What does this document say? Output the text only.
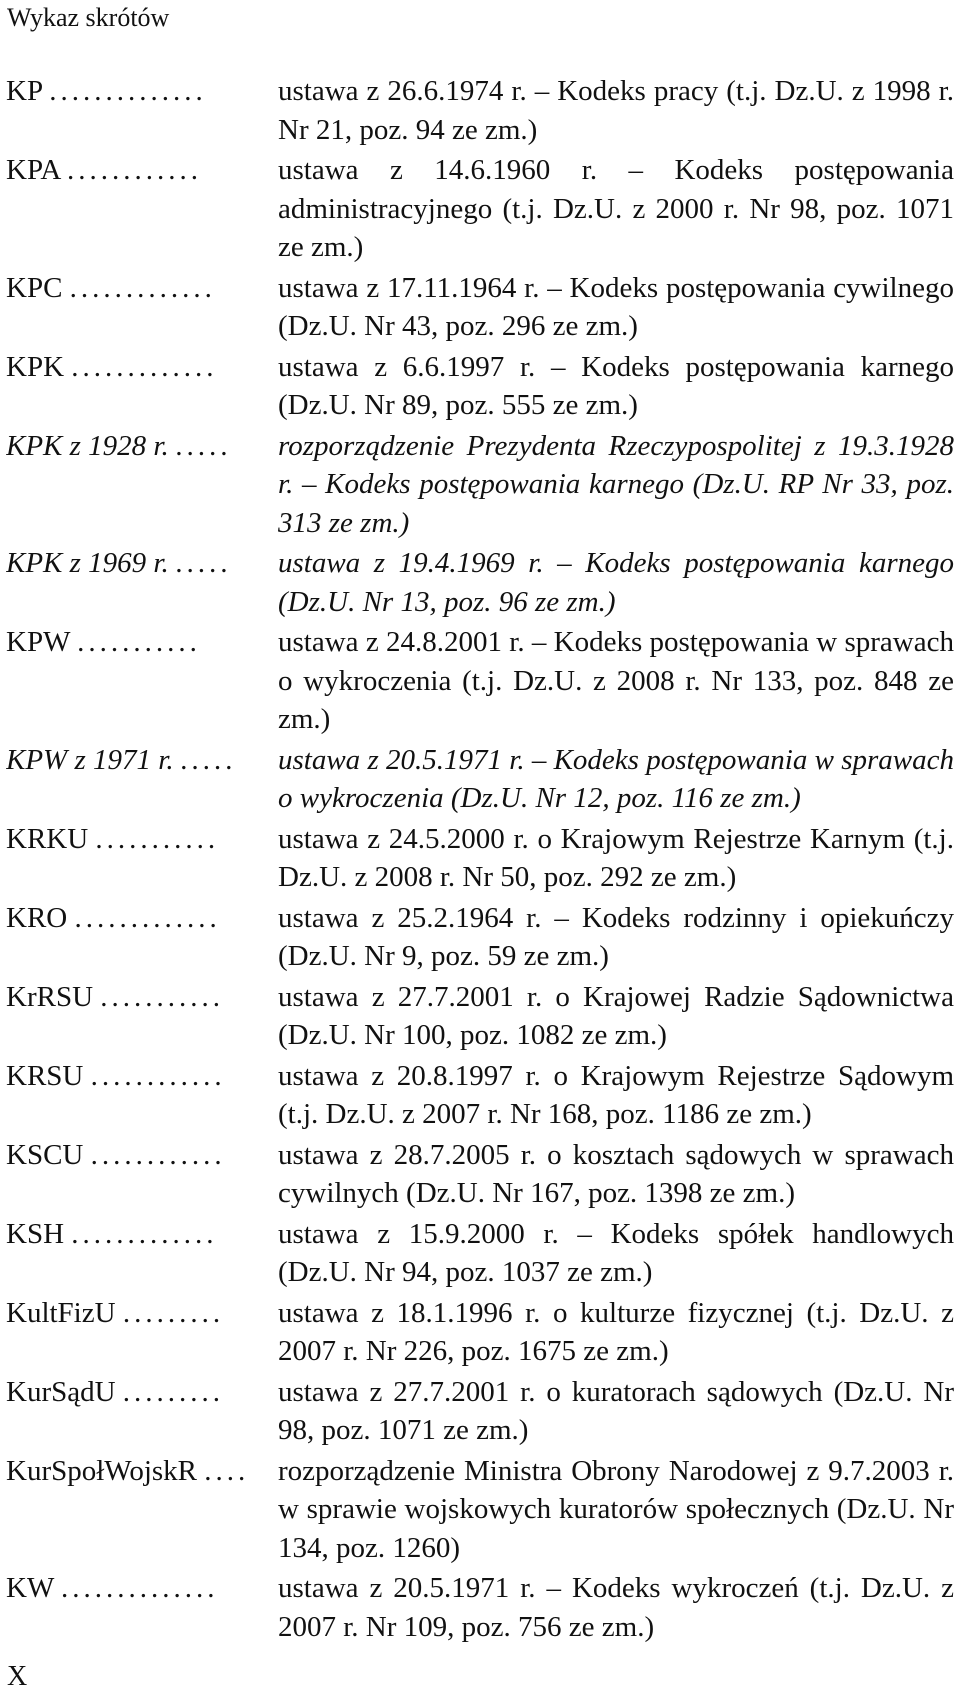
Wykaz skrótów
KP ..............	ustawa z 26.6.1974 r. – Kodeks pracy (t.j. Dz.U. z 1998 r. Nr 21, poz. 94 ze zm.)
KPA ............	ustawa z 14.6.1960 r. – Kodeks postępowania administracyjnego (t.j. Dz.U. z 2000 r. Nr 98, poz. 1071 ze zm.)
KPC .............	ustawa z 17.11.1964 r. – Kodeks postępowania cywilnego (Dz.U. Nr 43, poz. 296 ze zm.)
KPK .............	ustawa z 6.6.1997 r. – Kodeks postępowania karnego (Dz.U. Nr 89, poz. 555 ze zm.)
KPK z 1928 r. .....	rozporządzenie Prezydenta Rzeczypospolitej z 19.3.1928 r. – Kodeks postępowania karnego (Dz.U. RP Nr 33, poz. 313 ze zm.)
KPK z 1969 r. .....	ustawa z 19.4.1969 r. – Kodeks postępowania karnego (Dz.U. Nr 13, poz. 96 ze zm.)
KPW ...........	ustawa z 24.8.2001 r. – Kodeks postępowania w sprawach o wykroczenia (t.j. Dz.U. z 2008 r. Nr 133, poz. 848 ze zm.)
KPW z 1971 r. .....	ustawa z 20.5.1971 r. – Kodeks postępowania w sprawach o wykroczenia (Dz.U. Nr 12, poz. 116 ze zm.)
KRKU ...........	ustawa z 24.5.2000 r. o Krajowym Rejestrze Karnym (t.j. Dz.U. z 2008 r. Nr 50, poz. 292 ze zm.)
KRO .............	ustawa z 25.2.1964 r. – Kodeks rodzinny i opiekuńczy (Dz.U. Nr 9, poz. 59 ze zm.)
KrRSU ...........	ustawa z 27.7.2001 r. o Krajowej Radzie Sądownictwa (Dz.U. Nr 100, poz. 1082 ze zm.)
KRSU ............	ustawa z 20.8.1997 r. o Krajowym Rejestrze Sądowym (t.j. Dz.U. z 2007 r. Nr 168, poz. 1186 ze zm.)
KSCU ............	ustawa z 28.7.2005 r. o kosztach sądowych w sprawach cywilnych (Dz.U. Nr 167, poz. 1398 ze zm.)
KSH .............	ustawa z 15.9.2000 r. – Kodeks spółek handlowych (Dz.U. Nr 94, poz. 1037 ze zm.)
KultFizU .........	ustawa z 18.1.1996 r. o kulturze fizycznej (t.j. Dz.U. z 2007 r. Nr 226, poz. 1675 ze zm.)
KurSądU .........	ustawa z 27.7.2001 r. o kuratorach sądowych (Dz.U. Nr 98, poz. 1071 ze zm.)
KurSpołWojskR .... rozporządzenie Ministra Obrony Narodowej z 9.7.2003 r. w sprawie wojskowych kuratorów społecznych (Dz.U. Nr 134, poz. 1260)
KW ..............	ustawa z 20.5.1971 r. – Kodeks wykroczeń (t.j. Dz.U. z 2007 r. Nr 109, poz. 756 ze zm.)
X
